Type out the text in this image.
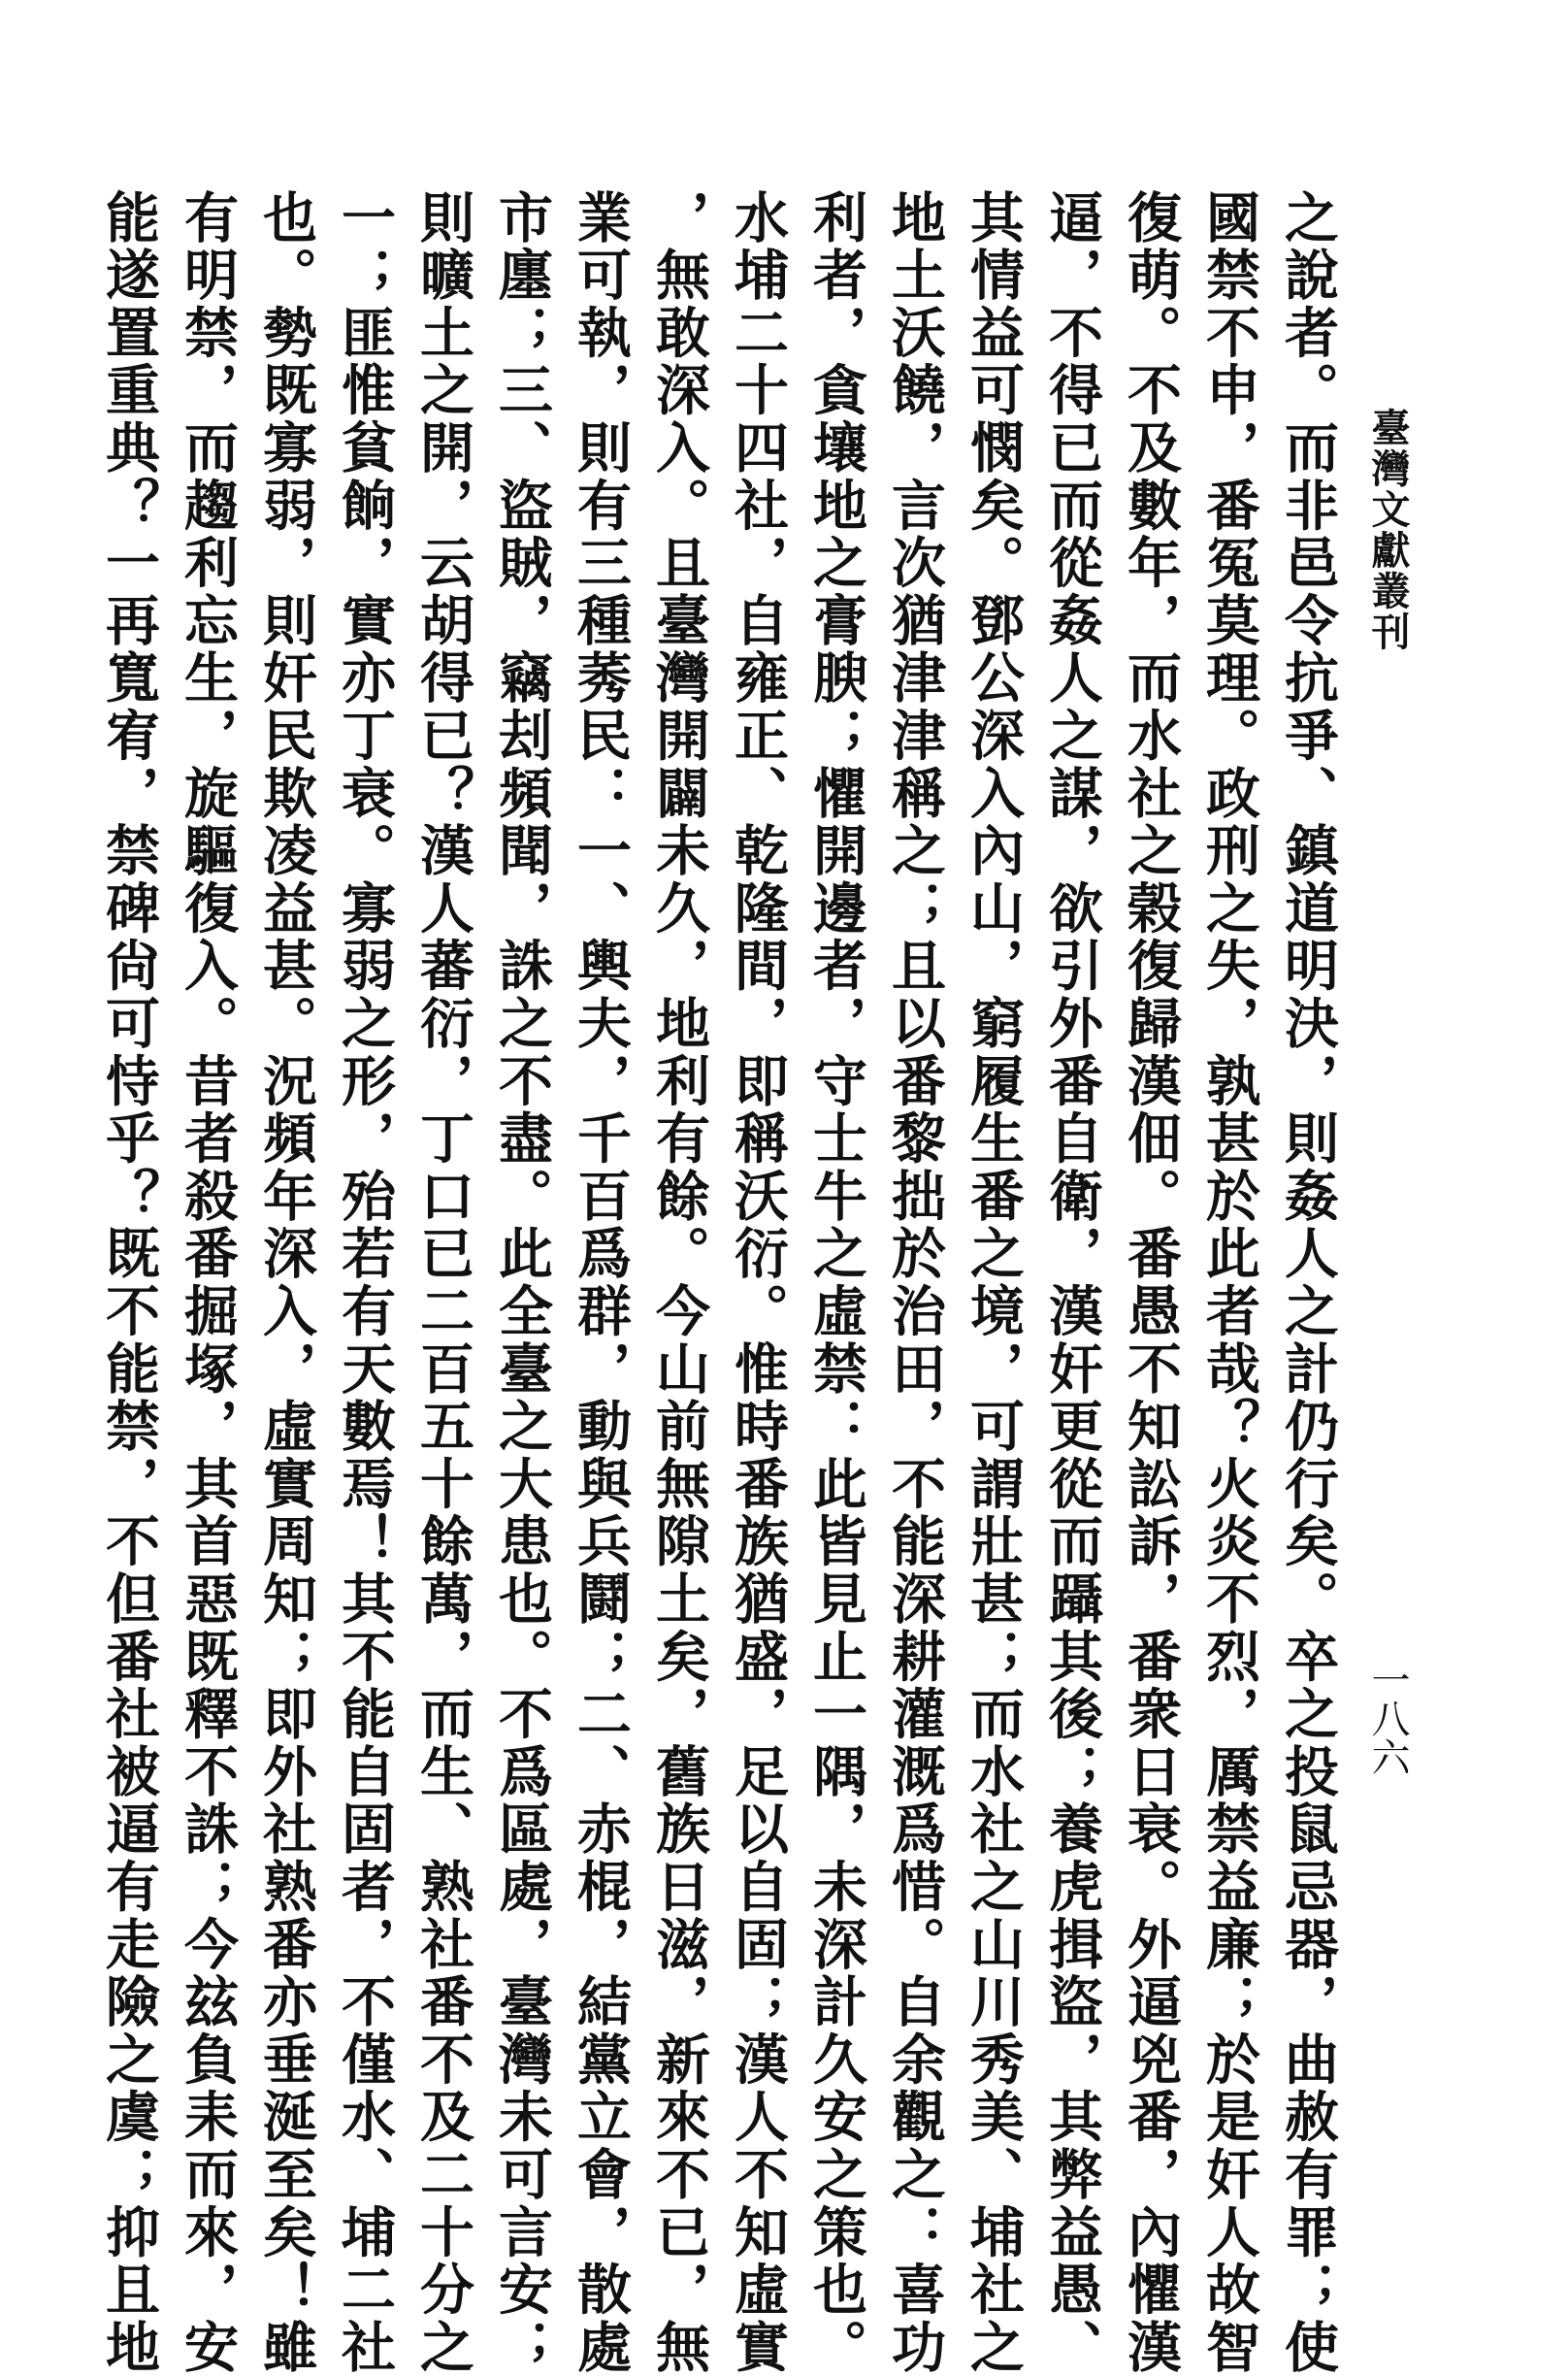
臺灣文獻叢刊
一八六
之說者。而非邑令抗爭、鎮道明決，則姦人之計仍行矣。卒之投鼠忌器，曲赦有罪；使
國禁不申，番冤莫理。政刑之失，孰甚於此者哉？火炎不烈，厲禁益廉；於是奸人故智
復萌。不及數年，而水社之榖復歸漢佃。番愚不知訟訴，番衆日衰。外逼兇番，內懼漢
逼，不得已而從姦人之謀，欲引外番自衛，漢奸更從而躡其後；養虎揖盜，其弊益愚、
其情益可憫矣。鄧公深入內山，窮履生番之境，可謂壯甚；而水社之山川秀美、埔社之
地土沃饒，言次猶津津稱之；且以番黎拙於治田，不能深耕灌溉爲惜。自余觀之：喜功
利者，貪壤地之膏腴；懼開邊者，守士牛之虛禁：此皆見止一隅，未深計久安之策也。
水埔二十四社，自雍正、乾隆間，即稱沃衍。惟時番族猶盛，足以自固；漢人不知虛實
，無敢深入。且臺灣開闢未久，地利有餘。今山前無隙土矣，舊族日滋，新來不已，無
業可執，則有三種莠民：一、輿夫，千百爲群，動與兵鬪；二、赤棍，結黨立會，散處
市廛；三、盜賊，竊刦頻聞，誅之不盡。此全臺之大患也。不爲區處，臺灣未可言安；
則曠土之開，云胡得已？漢人蕃衍，丁口已二百五十餘萬，而生、熟社番不及二十分之
一；匪惟貧餉，實亦丁衰。寡弱之形，殆若有天數焉！其不能自固者，不僅水、埔二社
也。勢既寡弱，則奸民欺凌益甚。況頻年深入，虛實周知；即外社熟番亦垂涎至矣！雖
有明禁，而趨利忘生，旋驅復入。昔者殺番掘塚，其首惡既釋不誅；今玆負耒而來，安
能遂置重典？一再寬宥，禁碑尙可恃乎？既不能禁，不但番社被逼有走險之虞；抑且地
